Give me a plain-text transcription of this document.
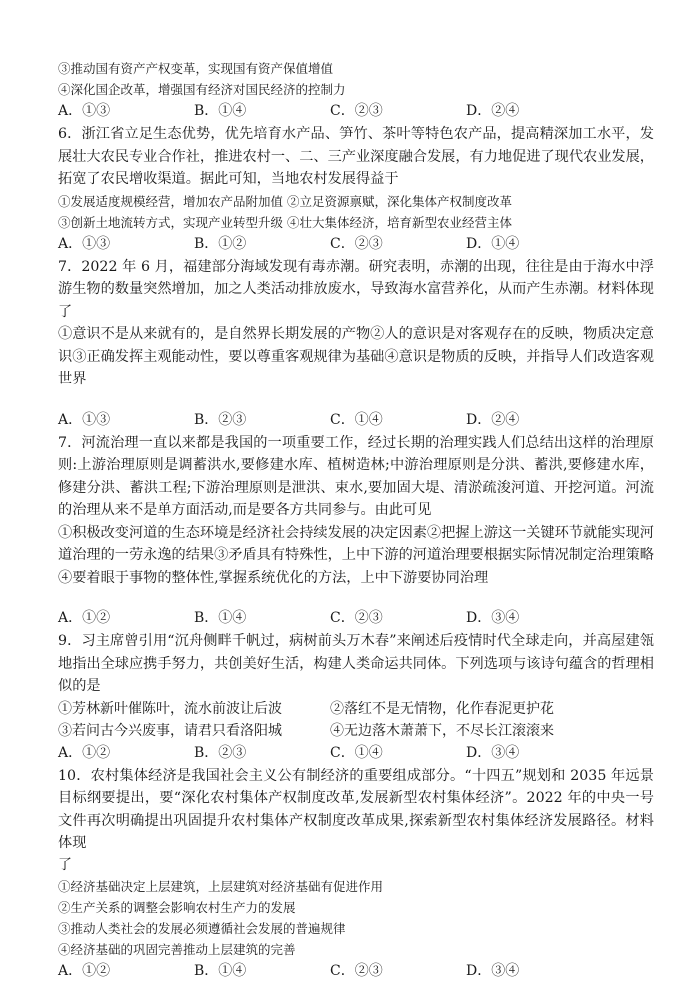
③推动国有资产产权变革，实现国有资产保值增值
④深化国企改革，增强国有经济对国民经济的控制力
A．①③	B．①④	C．②③	D．②④
6．浙江省立足生态优势，优先培育水产品、笋竹、茶叶等特色农产品，提高精深加工水平，发展壮大农民专业合作社，推进农村一、二、三产业深度融合发展，有力地促进了现代农业发展，拓宽了农民增收渠道。据此可知，当地农村发展得益于
①发展适度规模经营，增加农产品附加值 ②立足资源禀赋，深化集体产权制度改革
③创新土地流转方式，实现产业转型升级 ④壮大集体经济，培育新型农业经营主体
A．①③	B．①②	C．②③	D．①④
7．2022 年 6 月，福建部分海域发现有毒赤潮。研究表明，赤潮的出现，往往是由于海水中浮游生物的数量突然增加，加之人类活动排放废水，导致海水富营养化，从而产生赤潮。材料体现了
①意识不是从来就有的，是自然界长期发展的产物②人的意识是对客观存在的反映，物质决定意识③正确发挥主观能动性，要以尊重客观规律为基础④意识是物质的反映，并指导人们改造客观世界
A．①③	B．②③	C．①④	D．②④
7．河流治理一直以来都是我国的一项重要工作，经过长期的治理实践人们总结出这样的治理原则:上游治理原则是调蓄洪水,要修建水库、植树造林;中游治理原则是分洪、蓄洪,要修建水库，修建分洪、蓄洪工程;下游治理原则是泄洪、束水,要加固大堤、清淤疏浚河道、开挖河道。河流的治理从来不是单方面活动,而是要各方共同参与。由此可见
①积极改变河道的生态环境是经济社会持续发展的决定因素②把握上游这一关键环节就能实现河道治理的一劳永逸的结果③矛盾具有特殊性，上中下游的河道治理要根据实际情况制定治理策略④要着眼于事物的整体性,掌握系统优化的方法，上中下游要协同治理
A．①②	B．①④	C．②③	D．③④
9．习主席曾引用“沉舟侧畔千帆过，病树前头万木春”来阐述后疫情时代全球走向，并高屋建瓴地指出全球应携手努力，共创美好生活，构建人类命运共同体。下列选项与该诗句蕴含的哲理相似的是
①芳林新叶催陈叶，流水前波让后波	②落红不是无情物，化作春泥更护花
③若问古今兴废事，请君只看洛阳城	④无边落木萧萧下，不尽长江滚滚来
A．①②	B．②③	C．①④	D．③④
10．农村集体经济是我国社会主义公有制经济的重要组成部分。“十四五”规划和 2035 年远景目标纲要提出，要“深化农村集体产权制度改革,发展新型农村集体经济”。2022 年的中央一号文件再次明确提出巩固提升农村集体产权制度改革成果,探索新型农村集体经济发展路径。材料体现
了
①经济基础决定上层建筑，上层建筑对经济基础有促进作用
②生产关系的调整会影响农村生产力的发展
③推动人类社会的发展必须遵循社会发展的普遍规律
④经济基础的巩固完善推动上层建筑的完善
A．①②	B．①④	C．②③	D．③④
